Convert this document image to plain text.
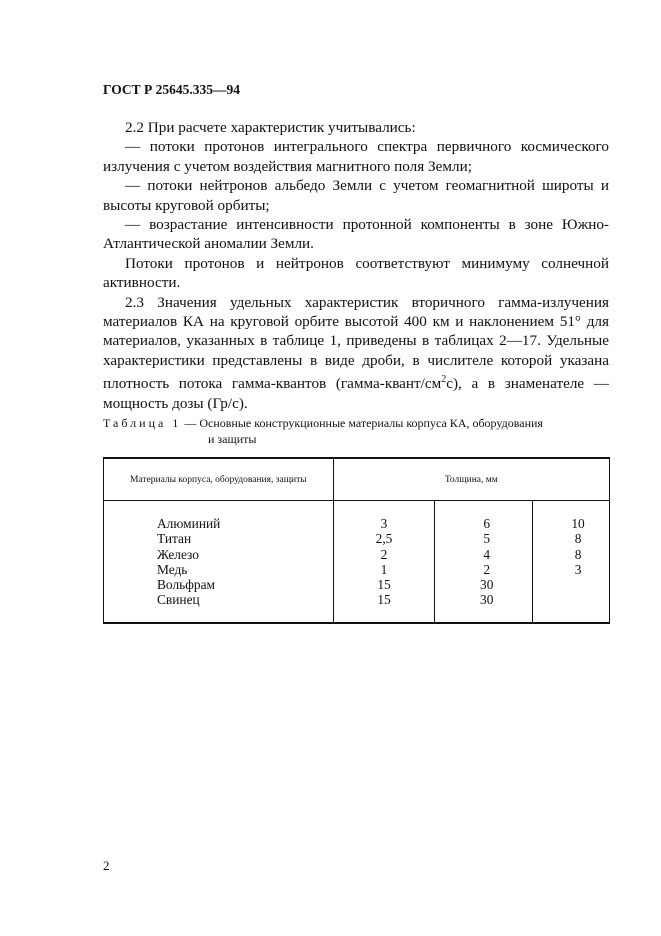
ГОСТ Р 25645.335—94

2.2 При расчете характеристик учитывались:

— потоки протонов интегрального спектра первичного космического излучения с учетом воздействия магнитного поля Земли;

— потоки нейтронов альбедо Земли с учетом геомагнитной широты и высоты круговой орбиты;

— возрастание интенсивности протонной компоненты в зоне Южно-Атлантической аномалии Земли.

Потоки протонов и нейтронов соответствуют минимуму солнечной активности.

2.3 Значения удельных характеристик вторичного гамма-излучения материалов КА на круговой орбите высотой 400 км и наклонением 51° для материалов, указанных в таблице 1, приведены в таблицах 2—17. Удельные характеристики представлены в виде дроби, в числителе которой указана плотность потока гамма-квантов $(гамма-квант/см^2с)$, а в знаменателе — мощность дозы (Гр/с).

Таблица 1 — Основные конструкционные материалы корпуса КА, оборудования
и защиты
Материалы корпуса, оборудования, защиты	Толщина, мм		
Алюминий	3	6	10
Титан	2,5	5	8
Железо	2	4	8
Медь	1	2	3
Вольфрам	15	30	
Свинец	15	30	
2
